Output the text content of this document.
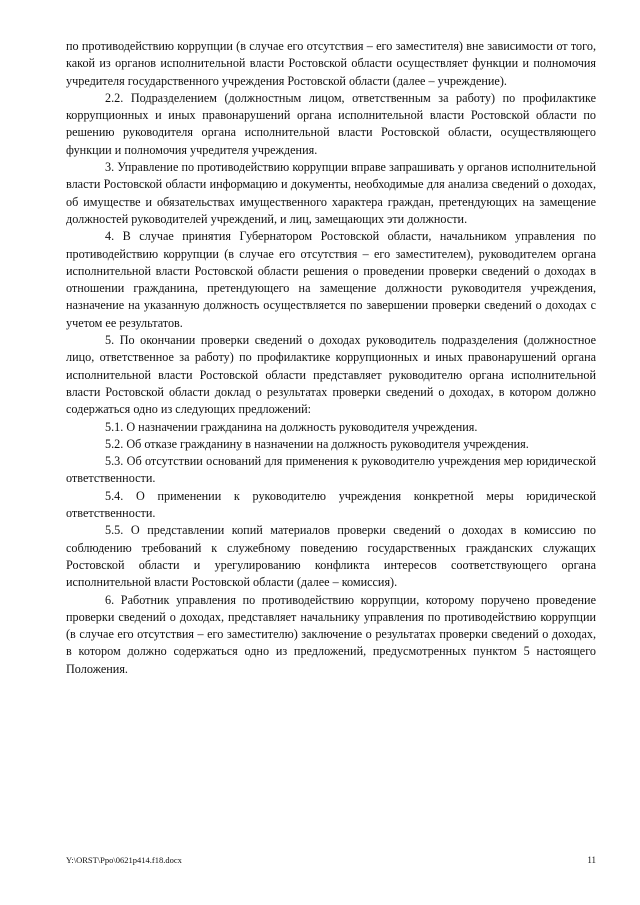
по противодействию коррупции (в случае его отсутствия – его заместителя) вне зависимости от того, какой из органов исполнительной власти Ростовской области осуществляет функции и полномочия учредителя государственного учреждения Ростовской области (далее – учреждение).

2.2. Подразделением (должностным лицом, ответственным за работу) по профилактике коррупционных и иных правонарушений органа исполнительной власти Ростовской области по решению руководителя органа исполнительной власти Ростовской области, осуществляющего функции и полномочия учредителя учреждения.

3. Управление по противодействию коррупции вправе запрашивать у органов исполнительной власти Ростовской области информацию и документы, необходимые для анализа сведений о доходах, об имуществе и обязательствах имущественного характера граждан, претендующих на замещение должностей руководителей учреждений, и лиц, замещающих эти должности.

4. В случае принятия Губернатором Ростовской области, начальником управления по противодействию коррупции (в случае его отсутствия – его заместителем), руководителем органа исполнительной власти Ростовской области решения о проведении проверки сведений о доходах в отношении гражданина, претендующего на замещение должности руководителя учреждения, назначение на указанную должность осуществляется по завершении проверки сведений о доходах с учетом ее результатов.

5. По окончании проверки сведений о доходах руководитель подразделения (должностное лицо, ответственное за работу) по профилактике коррупционных и иных правонарушений органа исполнительной власти Ростовской области представляет руководителю органа исполнительной власти Ростовской области доклад о результатах проверки сведений о доходах, в котором должно содержаться одно из следующих предложений:

5.1. О назначении гражданина на должность руководителя учреждения.

5.2. Об отказе гражданину в назначении на должность руководителя учреждения.

5.3. Об отсутствии оснований для применения к руководителю учреждения мер юридической ответственности.

5.4. О применении к руководителю учреждения конкретной меры юридической ответственности.

5.5. О представлении копий материалов проверки сведений о доходах в комиссию по соблюдению требований к служебному поведению государственных гражданских служащих Ростовской области и урегулированию конфликта интересов соответствующего органа исполнительной власти Ростовской области (далее – комиссия).

6. Работник управления по противодействию коррупции, которому поручено проведение проверки сведений о доходах, представляет начальнику управления по противодействию коррупции (в случае его отсутствия – его заместителю) заключение о результатах проверки сведений о доходах, в котором должно содержаться одно из предложений, предусмотренных пунктом 5 настоящего Положения.

Y:\ORST\Ppo\0621p414.f18.docx	11
